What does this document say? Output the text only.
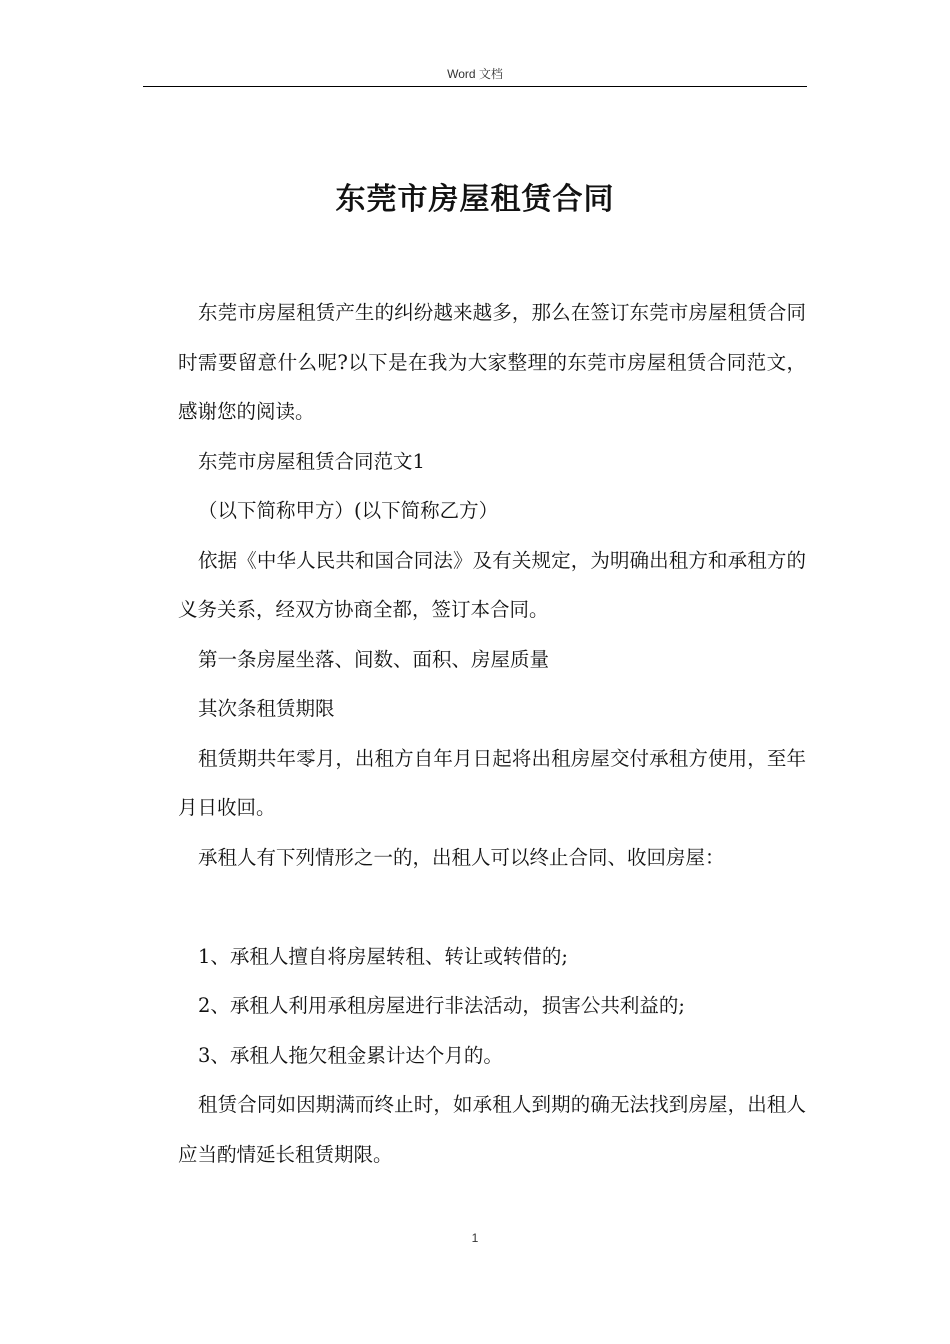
Word 文档
东莞市房屋租赁合同

东莞市房屋租赁产生的纠纷越来越多，那么在签订东莞市房屋租赁合同时需要留意什么呢?以下是在我为大家整理的东莞市房屋租赁合同范文，感谢您的阅读。

东莞市房屋租赁合同范文1

（以下简称甲方）(以下简称乙方）

依据《中华人民共和国合同法》及有关规定，为明确出租方和承租方的义务关系，经双方协商全都，签订本合同。

第一条房屋坐落、间数、面积、房屋质量

其次条租赁期限

租赁期共年零月，出租方自年月日起将出租房屋交付承租方使用，至年月日收回。

承租人有下列情形之一的，出租人可以终止合同、收回房屋：

1、承租人擅自将房屋转租、转让或转借的;

2、承租人利用承租房屋进行非法活动，损害公共利益的;

3、承租人拖欠租金累计达个月的。

租赁合同如因期满而终止时，如承租人到期的确无法找到房屋，出租人应当酌情延长租赁期限。

1
